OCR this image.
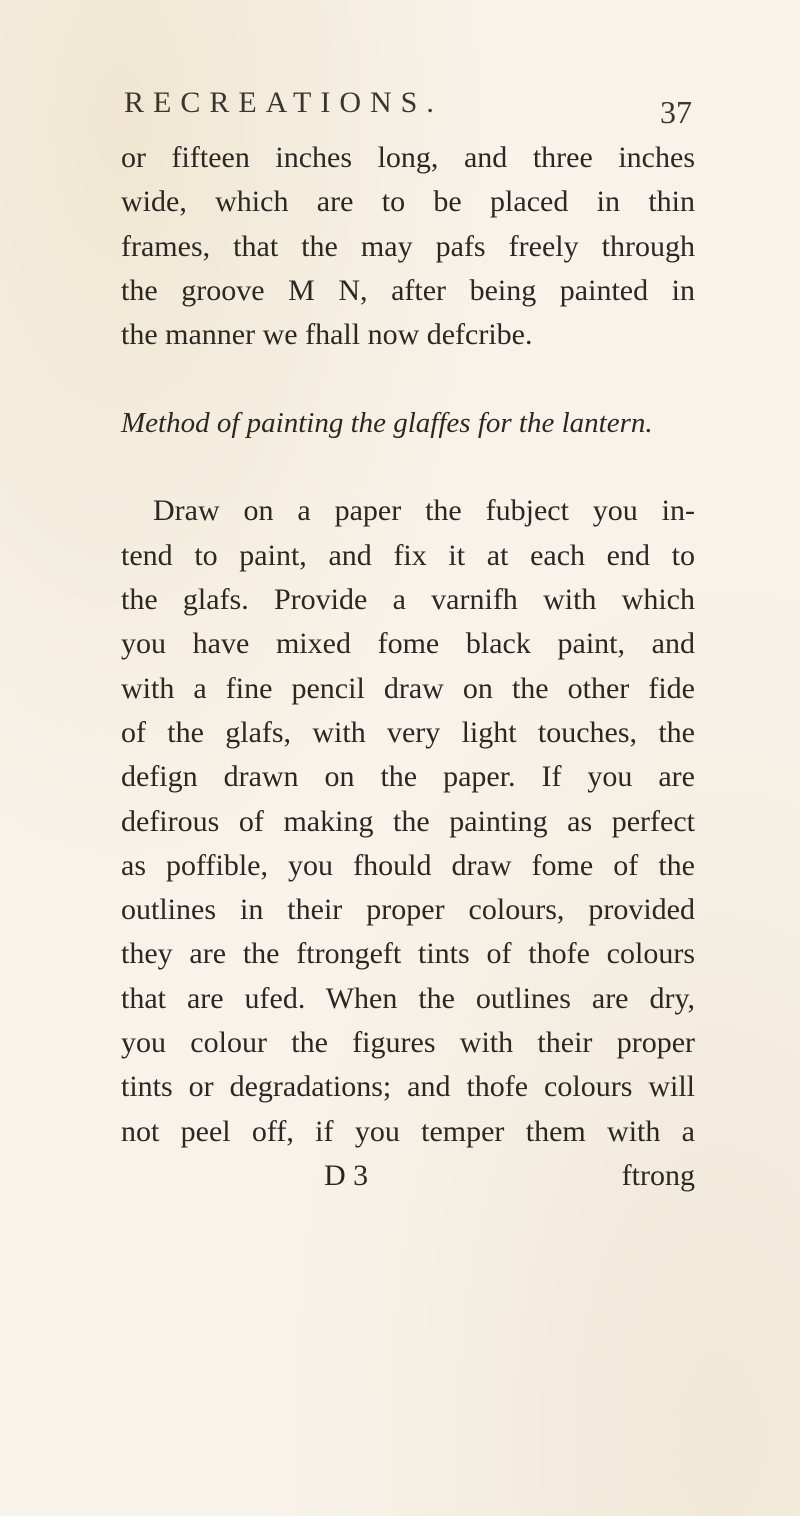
RECREATIONS.	37
or fifteen inches long, and three inches
wide, which are to be placed in thin
frames, that the may pafs freely through
the groove M N, after being painted in
the manner we fhall now defcribe.
Method of painting the glaffes for the lantern.
Draw on a paper the fubject you in-
tend to paint, and fix it at each end to
the glafs. Provide a varnifh with which
you have mixed fome black paint, and
with a fine pencil draw on the other fide
of the glafs, with very light touches, the
defign drawn on the paper. If you are
defirous of making the painting as perfect
as poffible, you fhould draw fome of the
outlines in their proper colours, provided
they are the ftrongeft tints of thofe colours
that are ufed. When the outlines are dry,
you colour the figures with their proper
tints or degradations; and thofe colours will
not peel off, if you temper them with a
D 3	ftrong
